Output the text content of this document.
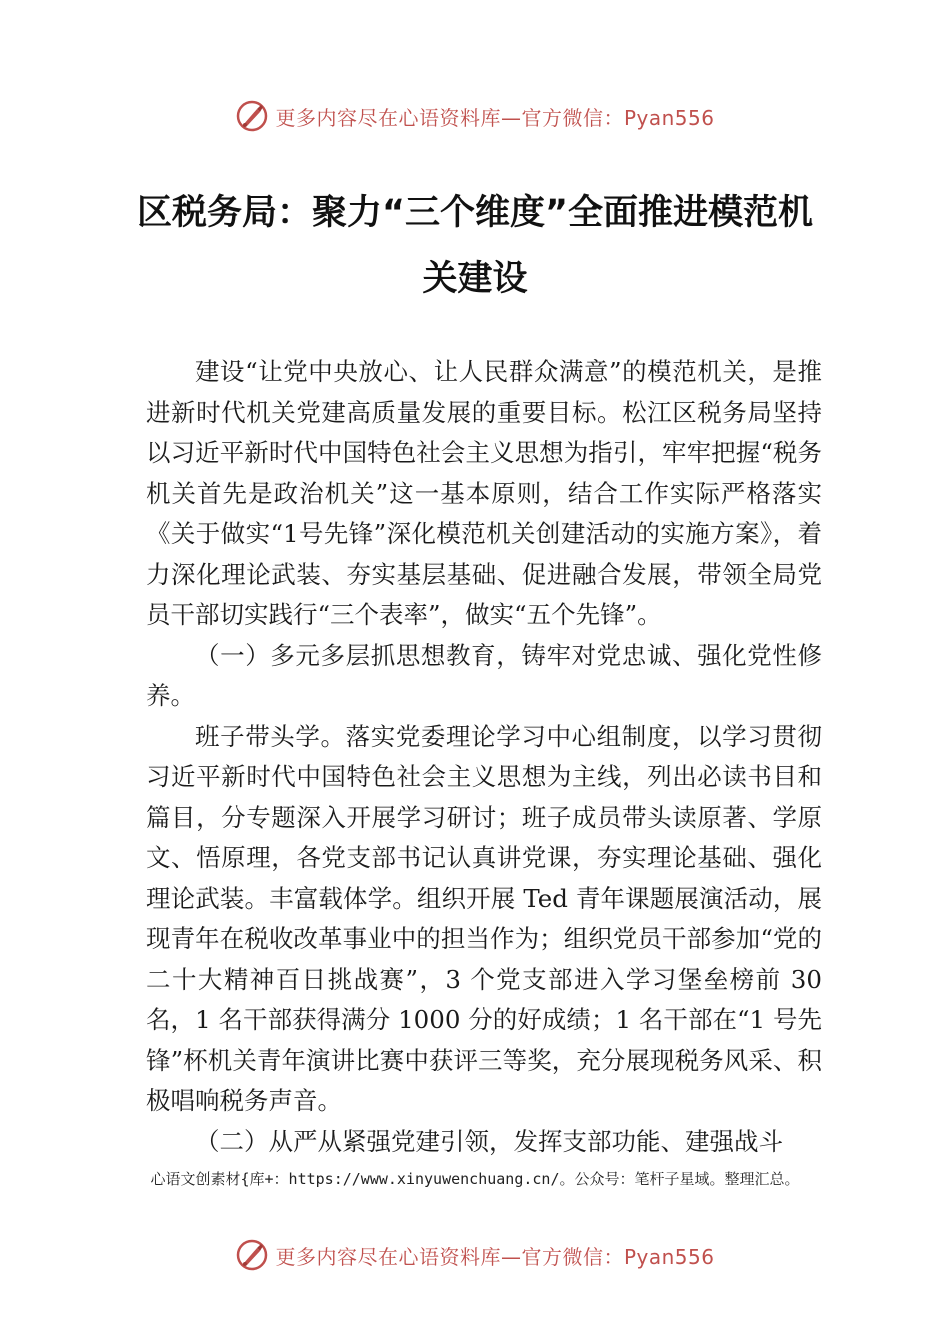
更多内容尽在心语资料库—官方微信：Pyan556
区税务局：聚力“三个维度”全面推进模范机关建设

建设“让党中央放心、让人民群众满意”的模范机关，是推进新时代机关党建高质量发展的重要目标。松江区税务局坚持以习近平新时代中国特色社会主义思想为指引，牢牢把握“税务机关首先是政治机关”这一基本原则，结合工作实际严格落实《关于做实“1号先锋”深化模范机关创建活动的实施方案》，着力深化理论武装、夯实基层基础、促进融合发展，带领全局党员干部切实践行“三个表率”，做实“五个先锋”。

（一）多元多层抓思想教育，铸牢对党忠诚、强化党性修养。

班子带头学。落实党委理论学习中心组制度，以学习贯彻习近平新时代中国特色社会主义思想为主线，列出必读书目和篇目，分专题深入开展学习研讨；班子成员带头读原著、学原文、悟原理，各党支部书记认真讲党课，夯实理论基础、强化理论武装。丰富载体学。组织开展 Ted 青年课题展演活动，展现青年在税收改革事业中的担当作为；组织党员干部参加“党的二十大精神百日挑战赛”，3 个党支部进入学习堡垒榜前 30 名，1 名干部获得满分 1000 分的好成绩；1 名干部在“1 号先锋”杯机关青年演讲比赛中获评三等奖，充分展现税务风采、积极唱响税务声音。

（二）从严从紧强党建引领，发挥支部功能、建强战斗

心语文创素材{库+：https://www.xinyuwenchuang.cn/。公众号：笔杆子星域。整理汇总。
更多内容尽在心语资料库—官方微信：Pyan556
